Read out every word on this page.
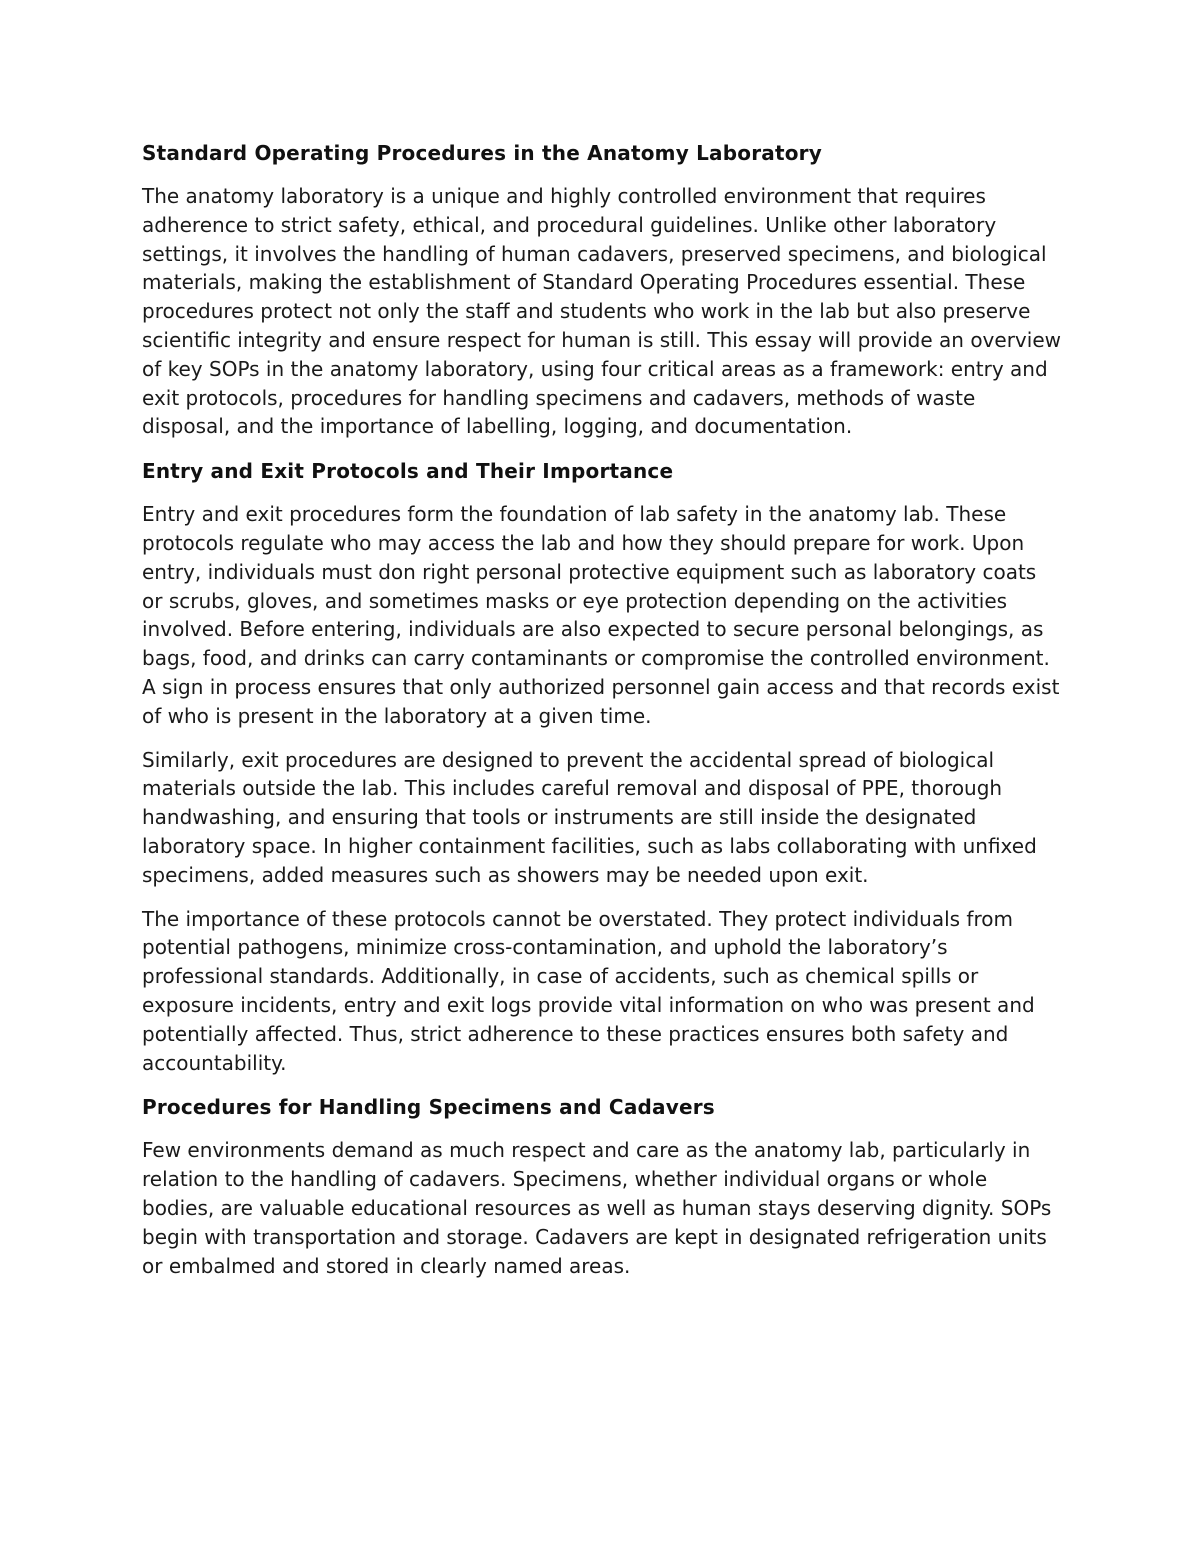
Standard Operating Procedures in the Anatomy Laboratory

The anatomy laboratory is a unique and highly controlled environment that requires adherence to strict safety, ethical, and procedural guidelines. Unlike other laboratory settings, it involves the handling of human cadavers, preserved specimens, and biological materials, making the establishment of Standard Operating Procedures essential. These procedures protect not only the staff and students who work in the lab but also preserve scientific integrity and ensure respect for human is still. This essay will provide an overview of key SOPs in the anatomy laboratory, using four critical areas as a framework: entry and exit protocols, procedures for handling specimens and cadavers, methods of waste disposal, and the importance of labelling, logging, and documentation.

Entry and Exit Protocols and Their Importance

Entry and exit procedures form the foundation of lab safety in the anatomy lab. These protocols regulate who may access the lab and how they should prepare for work. Upon entry, individuals must don right personal protective equipment such as laboratory coats or scrubs, gloves, and sometimes masks or eye protection depending on the activities involved. Before entering, individuals are also expected to secure personal belongings, as bags, food, and drinks can carry contaminants or compromise the controlled environment. A sign in process ensures that only authorized personnel gain access and that records exist of who is present in the laboratory at a given time.

Similarly, exit procedures are designed to prevent the accidental spread of biological materials outside the lab. This includes careful removal and disposal of PPE, thorough handwashing, and ensuring that tools or instruments are still inside the designated laboratory space. In higher containment facilities, such as labs collaborating with unfixed specimens, added measures such as showers may be needed upon exit.

The importance of these protocols cannot be overstated. They protect individuals from potential pathogens, minimize cross-contamination, and uphold the laboratory’s professional standards. Additionally, in case of accidents, such as chemical spills or exposure incidents, entry and exit logs provide vital information on who was present and potentially affected. Thus, strict adherence to these practices ensures both safety and accountability.

Procedures for Handling Specimens and Cadavers

Few environments demand as much respect and care as the anatomy lab, particularly in relation to the handling of cadavers. Specimens, whether individual organs or whole bodies, are valuable educational resources as well as human stays deserving dignity. SOPs begin with transportation and storage. Cadavers are kept in designated refrigeration units or embalmed and stored in clearly named areas.
